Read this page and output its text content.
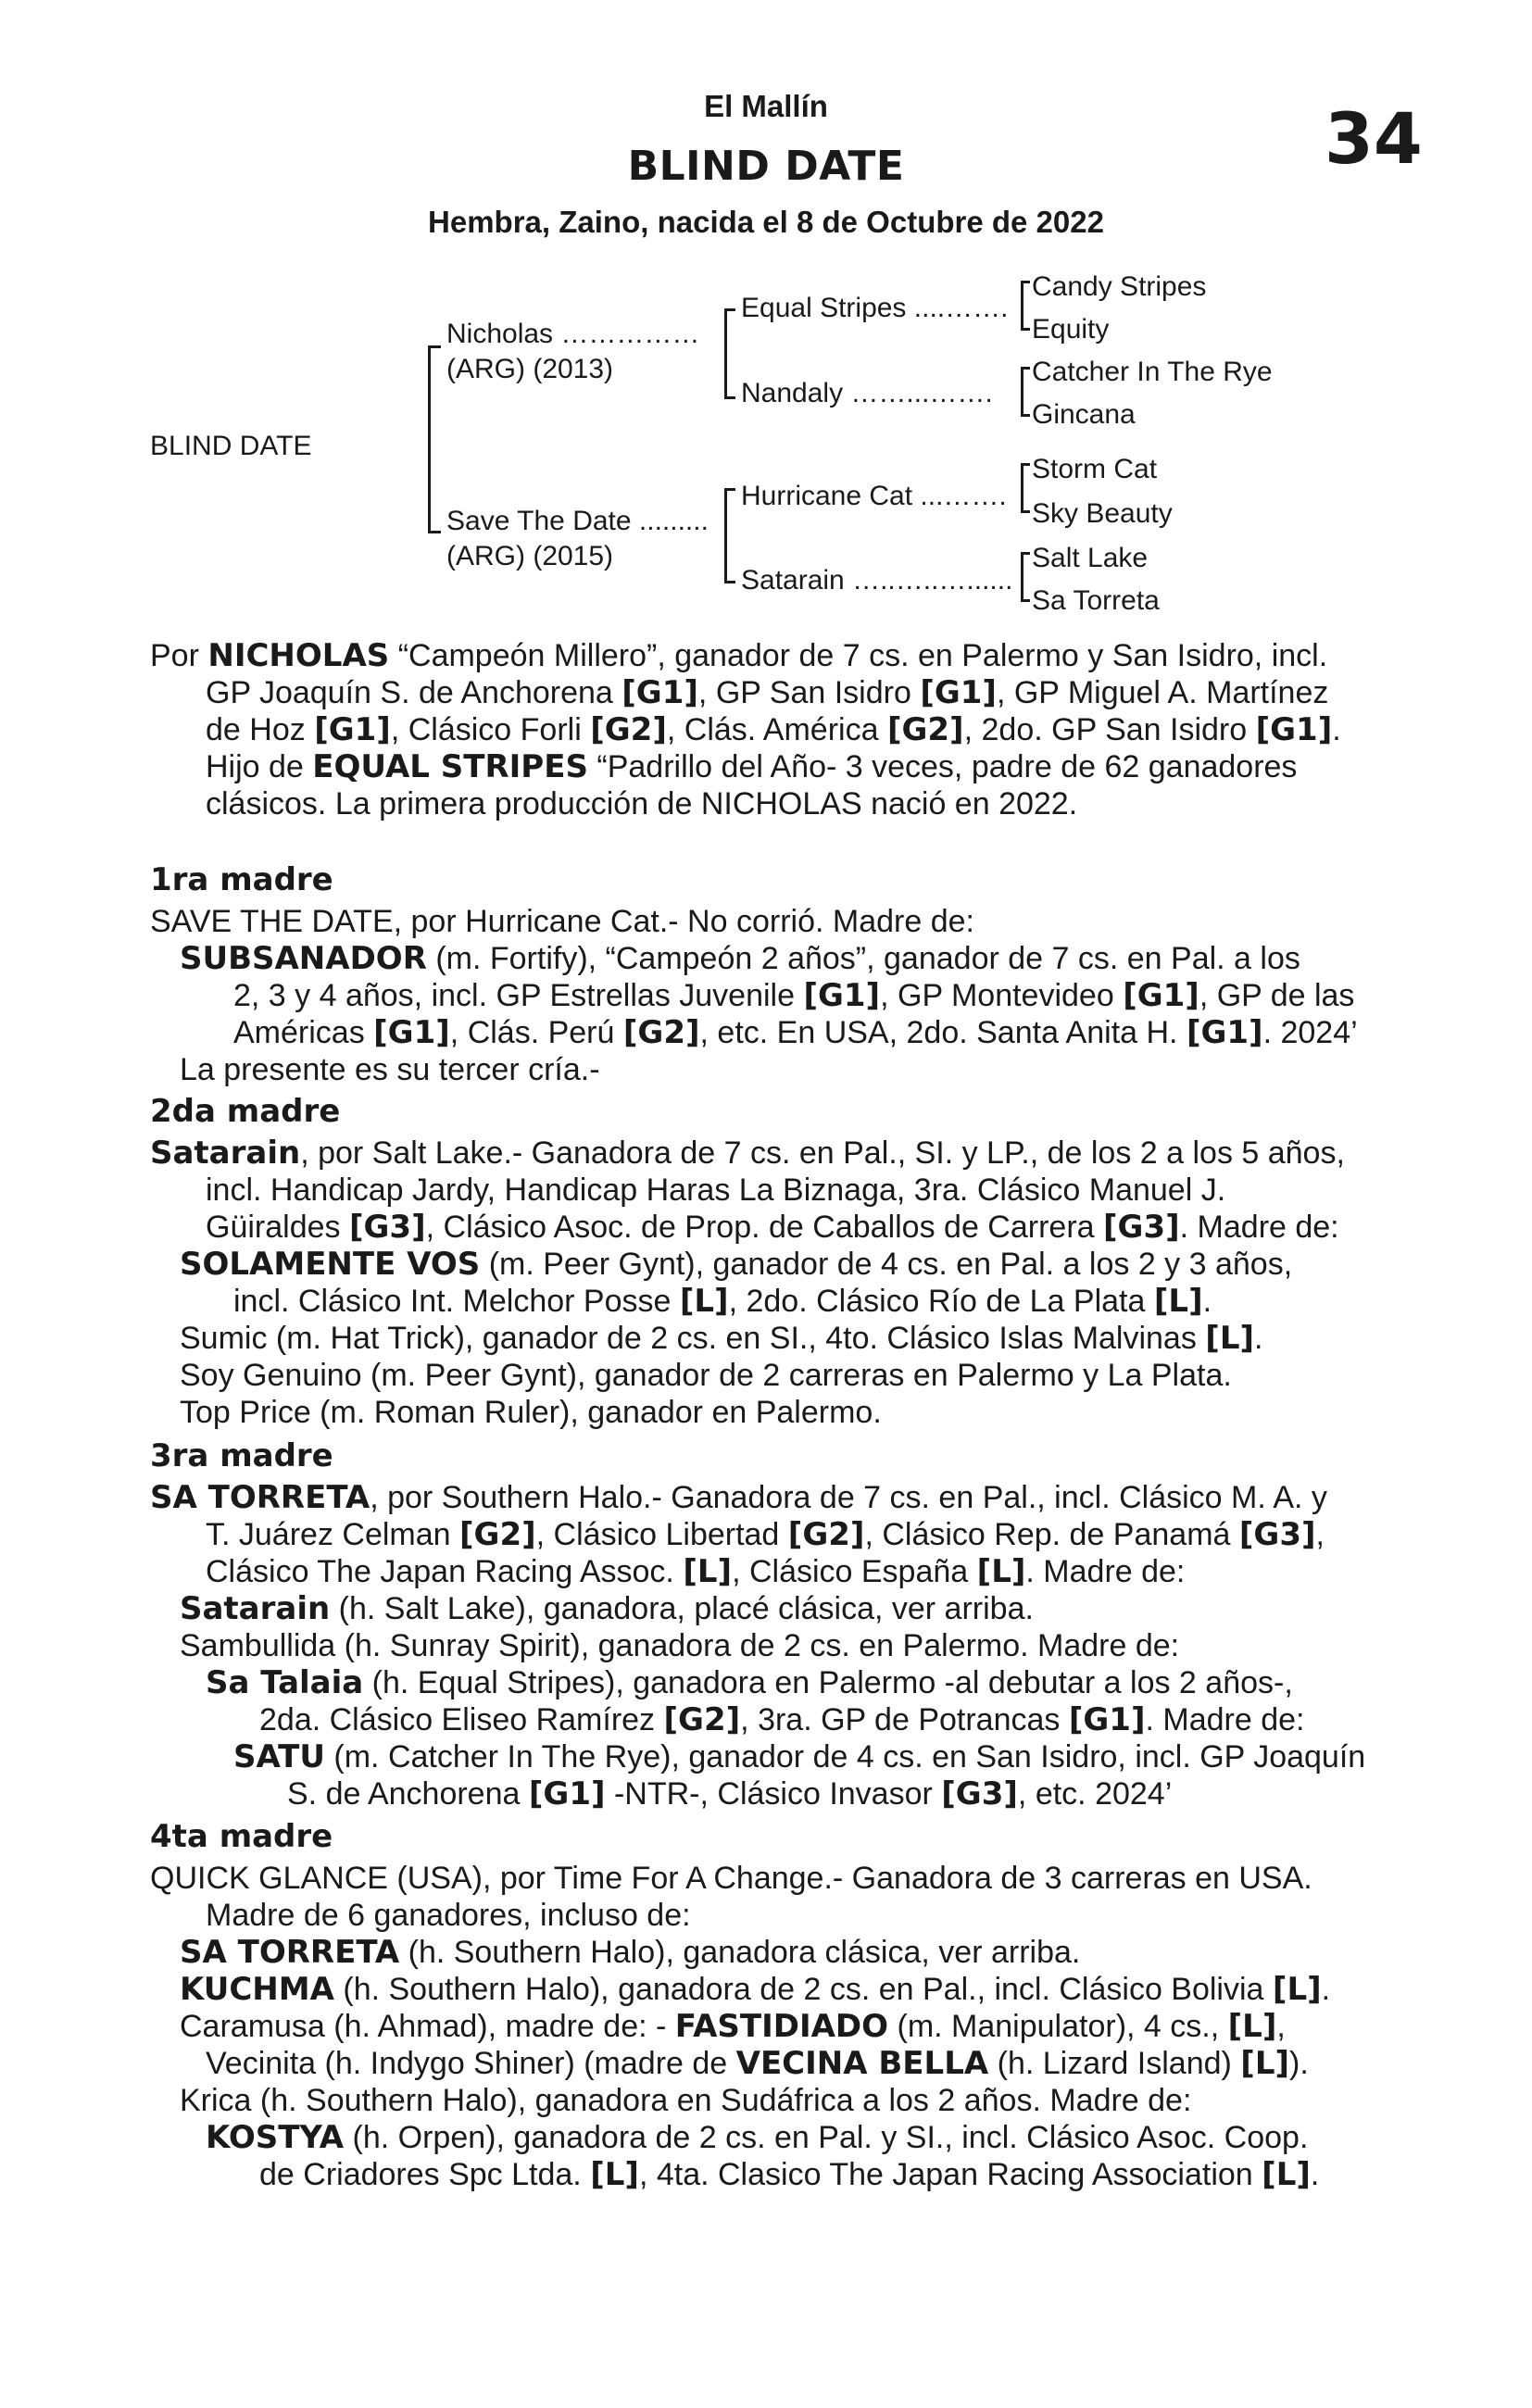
El Mallín
BLIND DATE	34
Hembra, Zaino, nacida el 8 de Octubre de 2022
BLIND DATE
Nicholas ……………
(ARG) (2013)
Save The Date .........
(ARG) (2015)
Equal Stripes ....…….
Nandaly ……...…….
Hurricane Cat ...…….
Satarain …..…..…......
Candy Stripes
Equity
Catcher In The Rye
Gincana
Storm Cat
Sky Beauty
Salt Lake
Sa Torreta
Por NICHOLAS “Campeón Millero”, ganador de 7 cs. en Palermo y San Isidro, incl.
GP Joaquín S. de Anchorena [G1], GP San Isidro [G1], GP Miguel A. Martínez
de Hoz [G1], Clásico Forli [G2], Clás. América [G2], 2do. GP San Isidro [G1].
Hijo de EQUAL STRIPES “Padrillo del Año- 3 veces, padre de 62 ganadores
clásicos. La primera producción de NICHOLAS nació en 2022.
1ra madre
SAVE THE DATE, por Hurricane Cat.- No corrió. Madre de:
SUBSANADOR (m. Fortify), “Campeón 2 años”, ganador de 7 cs. en Pal. a los
2, 3 y 4 años, incl. GP Estrellas Juvenile [G1], GP Montevideo [G1], GP de las
Américas [G1], Clás. Perú [G2], etc. En USA, 2do. Santa Anita H. [G1]. 2024’
La presente es su tercer cría.-
2da madre
Satarain, por Salt Lake.- Ganadora de 7 cs. en Pal., SI. y LP., de los 2 a los 5 años,
incl. Handicap Jardy, Handicap Haras La Biznaga, 3ra. Clásico Manuel J.
Güiraldes [G3], Clásico Asoc. de Prop. de Caballos de Carrera [G3]. Madre de:
SOLAMENTE VOS (m. Peer Gynt), ganador de 4 cs. en Pal. a los 2 y 3 años,
incl. Clásico Int. Melchor Posse [L], 2do. Clásico Río de La Plata [L].
Sumic (m. Hat Trick), ganador de 2 cs. en SI., 4to. Clásico Islas Malvinas [L].
Soy Genuino (m. Peer Gynt), ganador de 2 carreras en Palermo y La Plata.
Top Price (m. Roman Ruler), ganador en Palermo.
3ra madre
SA TORRETA, por Southern Halo.- Ganadora de 7 cs. en Pal., incl. Clásico M. A. y
T. Juárez Celman [G2], Clásico Libertad [G2], Clásico Rep. de Panamá [G3],
Clásico The Japan Racing Assoc. [L], Clásico España [L]. Madre de:
Satarain (h. Salt Lake), ganadora, placé clásica, ver arriba.
Sambullida (h. Sunray Spirit), ganadora de 2 cs. en Palermo. Madre de:
Sa Talaia (h. Equal Stripes), ganadora en Palermo -al debutar a los 2 años-,
2da. Clásico Eliseo Ramírez [G2], 3ra. GP de Potrancas [G1]. Madre de:
SATU (m. Catcher In The Rye), ganador de 4 cs. en San Isidro, incl. GP Joaquín
S. de Anchorena [G1] -NTR-, Clásico Invasor [G3], etc. 2024’
4ta madre
QUICK GLANCE (USA), por Time For A Change.- Ganadora de 3 carreras en USA.
Madre de 6 ganadores, incluso de:
SA TORRETA (h. Southern Halo), ganadora clásica, ver arriba.
KUCHMA (h. Southern Halo), ganadora de 2 cs. en Pal., incl. Clásico Bolivia [L].
Caramusa (h. Ahmad), madre de: - FASTIDIADO (m. Manipulator), 4 cs., [L],
Vecinita (h. Indygo Shiner) (madre de VECINA BELLA (h. Lizard Island) [L]).
Krica (h. Southern Halo), ganadora en Sudáfrica a los 2 años. Madre de:
KOSTYA (h. Orpen), ganadora de 2 cs. en Pal. y SI., incl. Clásico Asoc. Coop.
de Criadores Spc Ltda. [L], 4ta. Clasico The Japan Racing Association [L].
